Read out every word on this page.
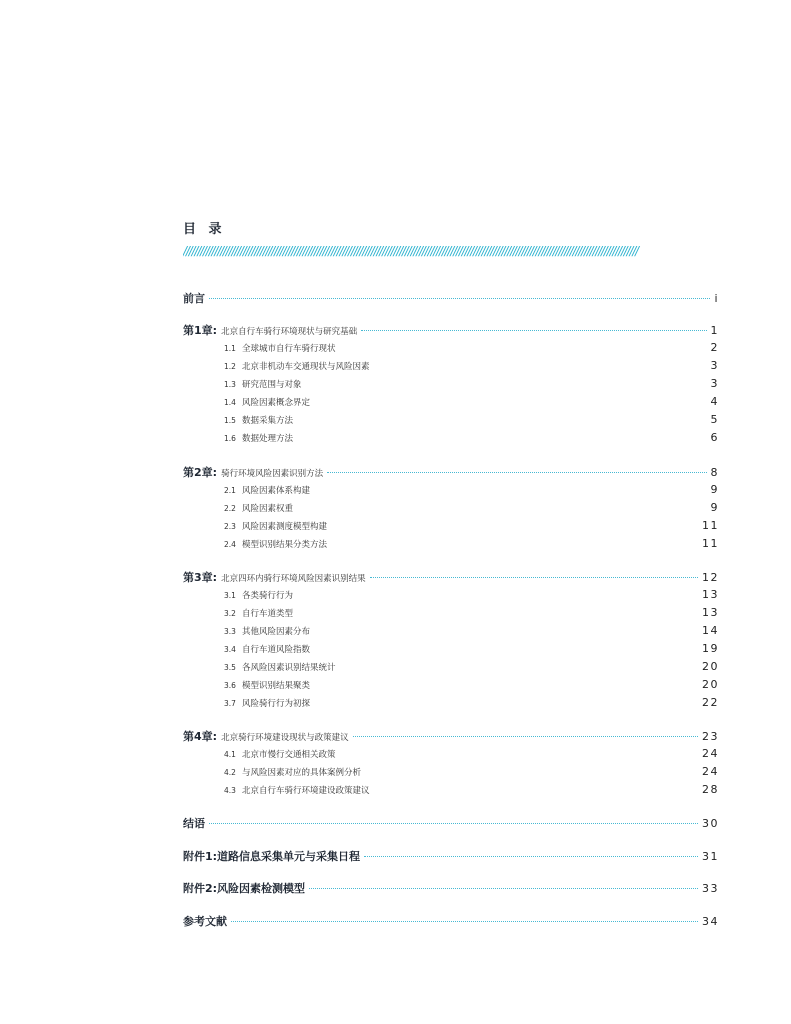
目 录
////////////////////////////////////////////////////////////////////////////////////////////////////////////////////////////////////////////////////////////////
前言	i
第1章: 北京自行车骑行环境现状与研究基础	1
1.1 全球城市自行车骑行现状	2
1.2 北京非机动车交通现状与风险因素	3
1.3 研究范围与对象	3
1.4 风险因素概念界定	4
1.5 数据采集方法	5
1.6 数据处理方法	6
第2章: 骑行环境风险因素识别方法	8
2.1 风险因素体系构建	9
2.2 风险因素权重	9
2.3 风险因素测度模型构建	11
2.4 模型识别结果分类方法	11
第3章: 北京四环内骑行环境风险因素识别结果	12
3.1 各类骑行行为	13
3.2 自行车道类型	13
3.3 其他风险因素分布	14
3.4 自行车道风险指数	19
3.5 各风险因素识别结果统计	20
3.6 模型识别结果聚类	20
3.7 风险骑行行为初探	22
第4章: 北京骑行环境建设现状与政策建议	23
4.1 北京市慢行交通相关政策	24
4.2 与风险因素对应的具体案例分析	24
4.3 北京自行车骑行环境建设政策建议	28
结语	30
附件1:道路信息采集单元与采集日程	31
附件2:风险因素检测模型	33
参考文献	34
